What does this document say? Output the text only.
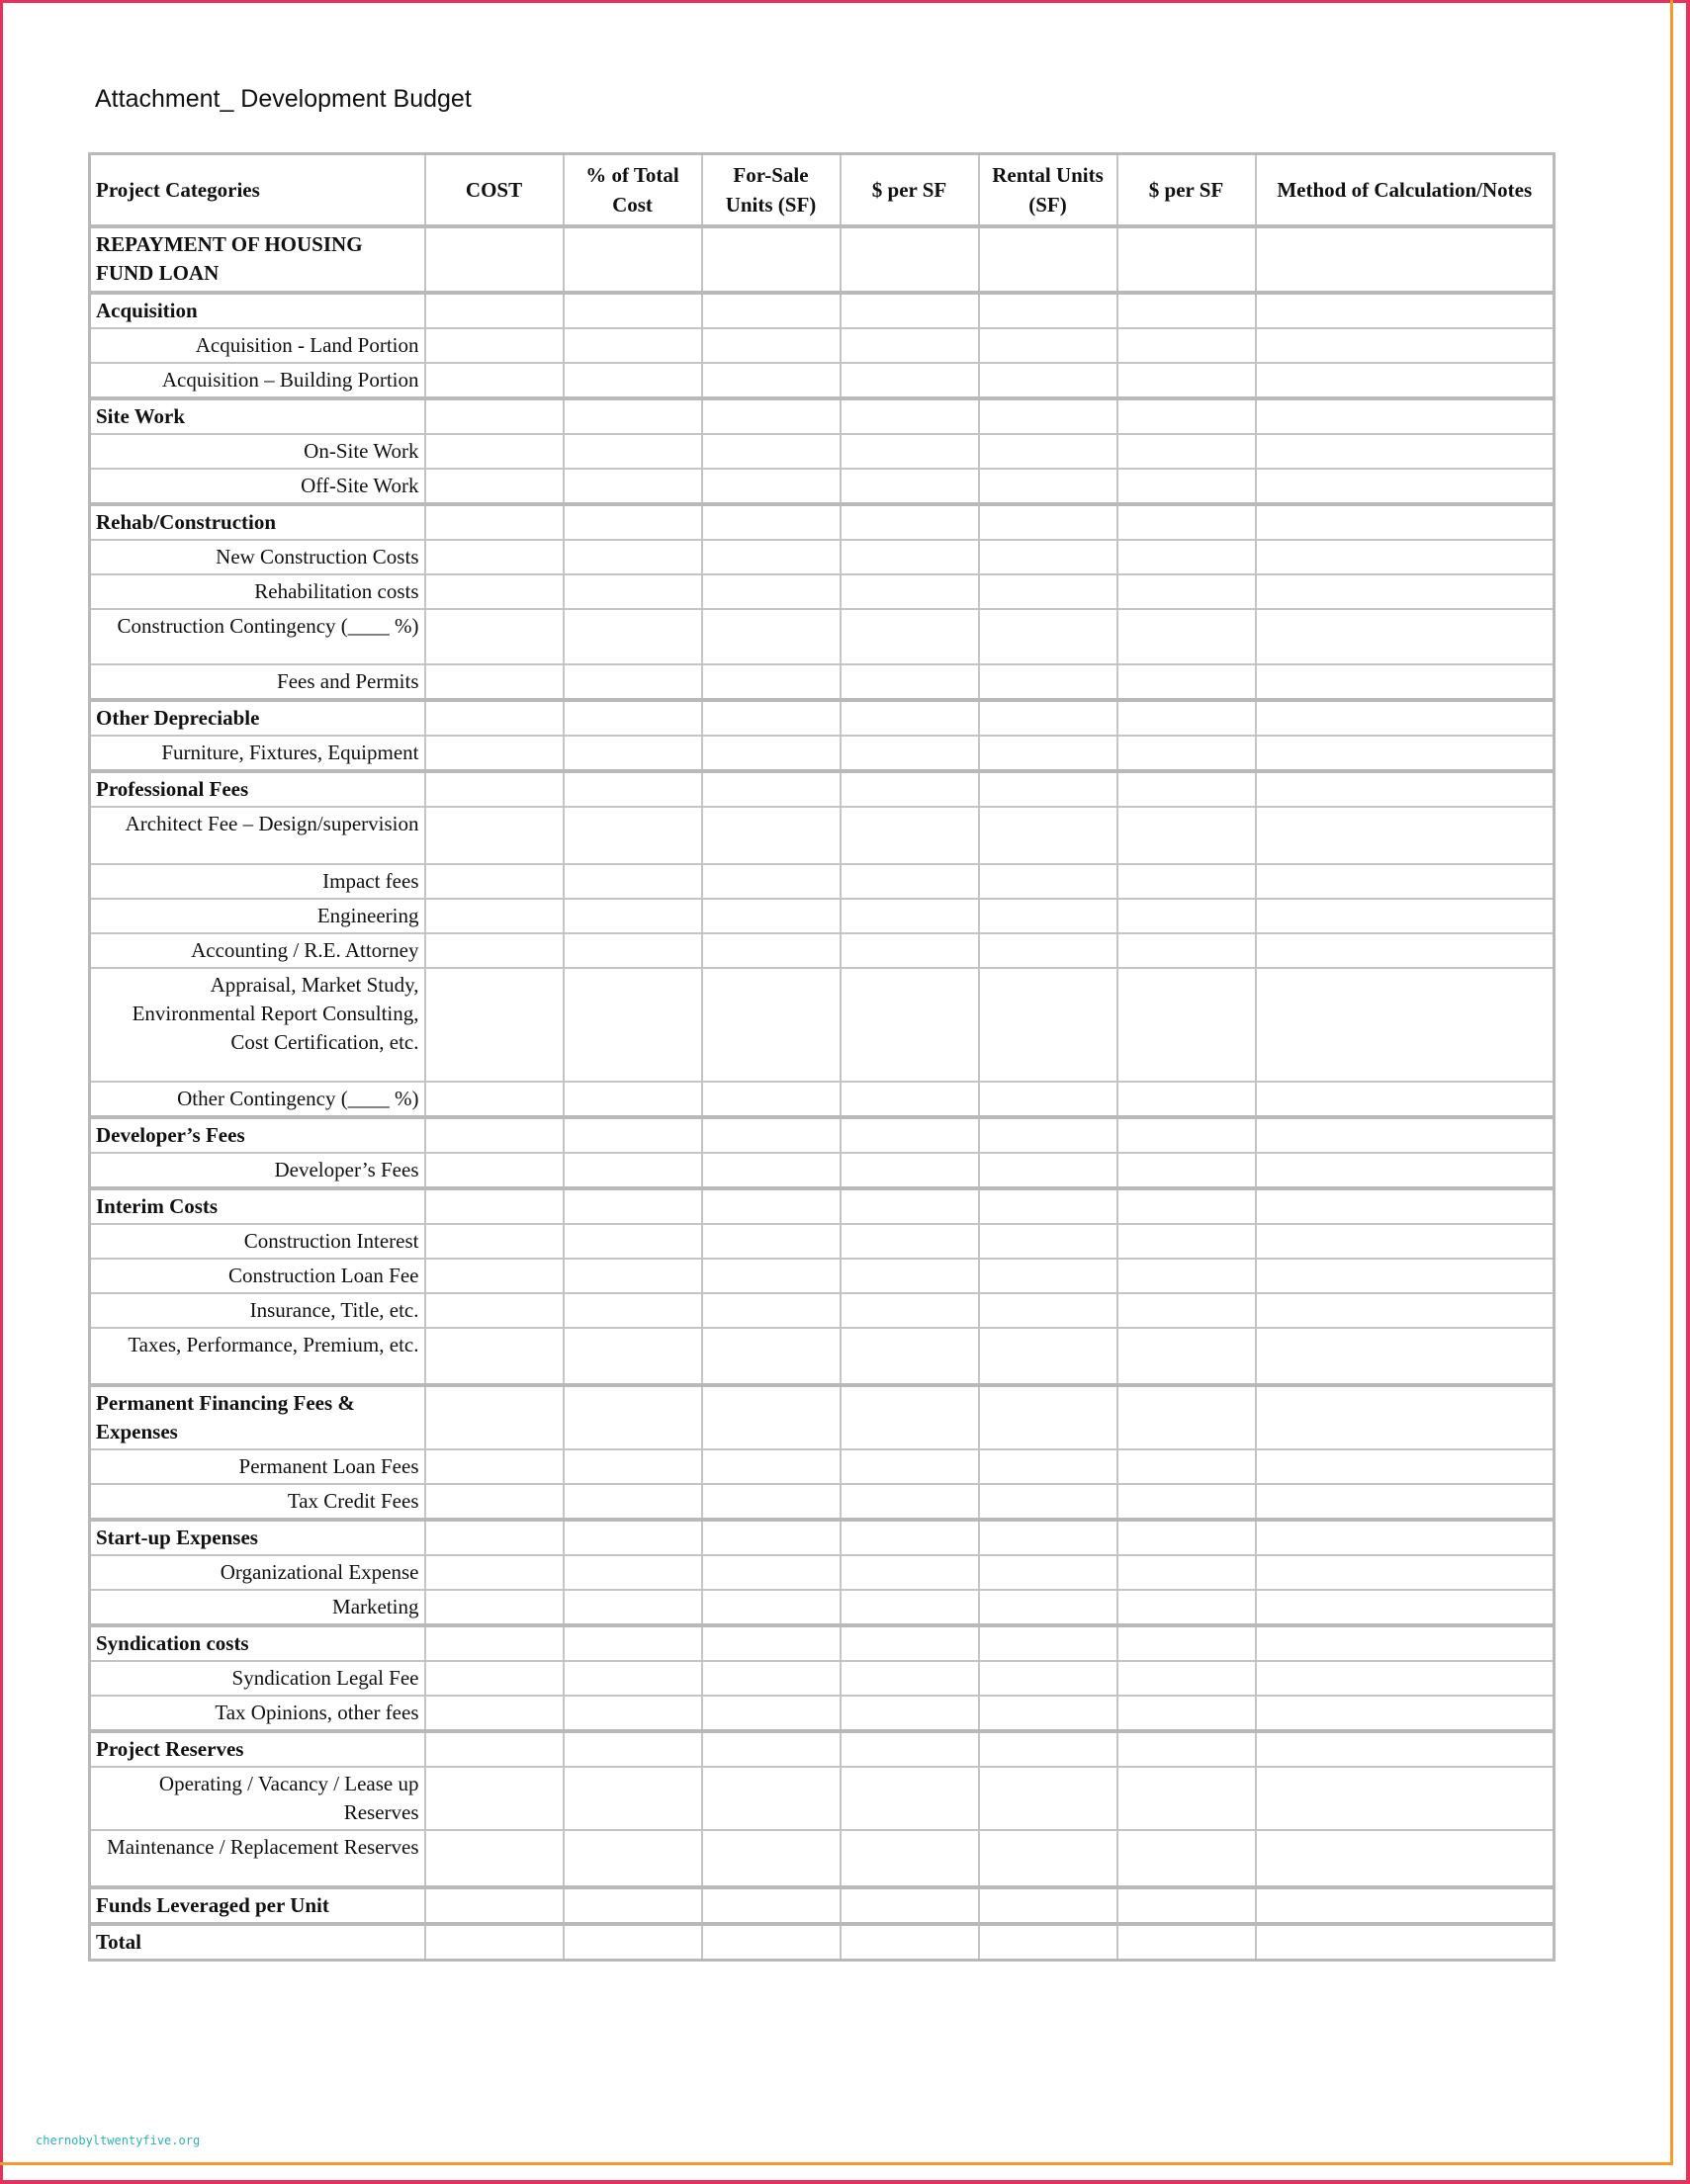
Attachment_ Development Budget
Project Categories	COST	% of Total Cost	For-Sale Units (SF)	$ per SF	Rental Units (SF)	$ per SF	Method of Calculation/Notes
REPAYMENT OF HOUSING FUND LOAN							
Acquisition							
Acquisition - Land Portion							
Acquisition – Building Portion							
Site Work							
On-Site Work							
Off-Site Work							
Rehab/Construction							
New Construction Costs							
Rehabilitation costs							
Construction Contingency (____ %)							
Fees and Permits							
Other Depreciable							
Furniture, Fixtures, Equipment							
Professional Fees							
Architect Fee – Design/supervision							
Impact fees							
Engineering							
Accounting / R.E. Attorney							
Appraisal, Market Study, Environmental Report Consulting, Cost Certification, etc.							
Other Contingency (____ %)							
Developer’s Fees							
Developer’s Fees							
Interim Costs							
Construction Interest							
Construction Loan Fee							
Insurance, Title, etc.							
Taxes, Performance, Premium, etc.							
Permanent Financing Fees & Expenses							
Permanent Loan Fees							
Tax Credit Fees							
Start-up Expenses							
Organizational Expense							
Marketing							
Syndication costs							
Syndication Legal Fee							
Tax Opinions, other fees							
Project Reserves							
Operating / Vacancy / Lease up Reserves							
Maintenance / Replacement Reserves							
Funds Leveraged per Unit							
Total							
chernobyltwentyfive.org
